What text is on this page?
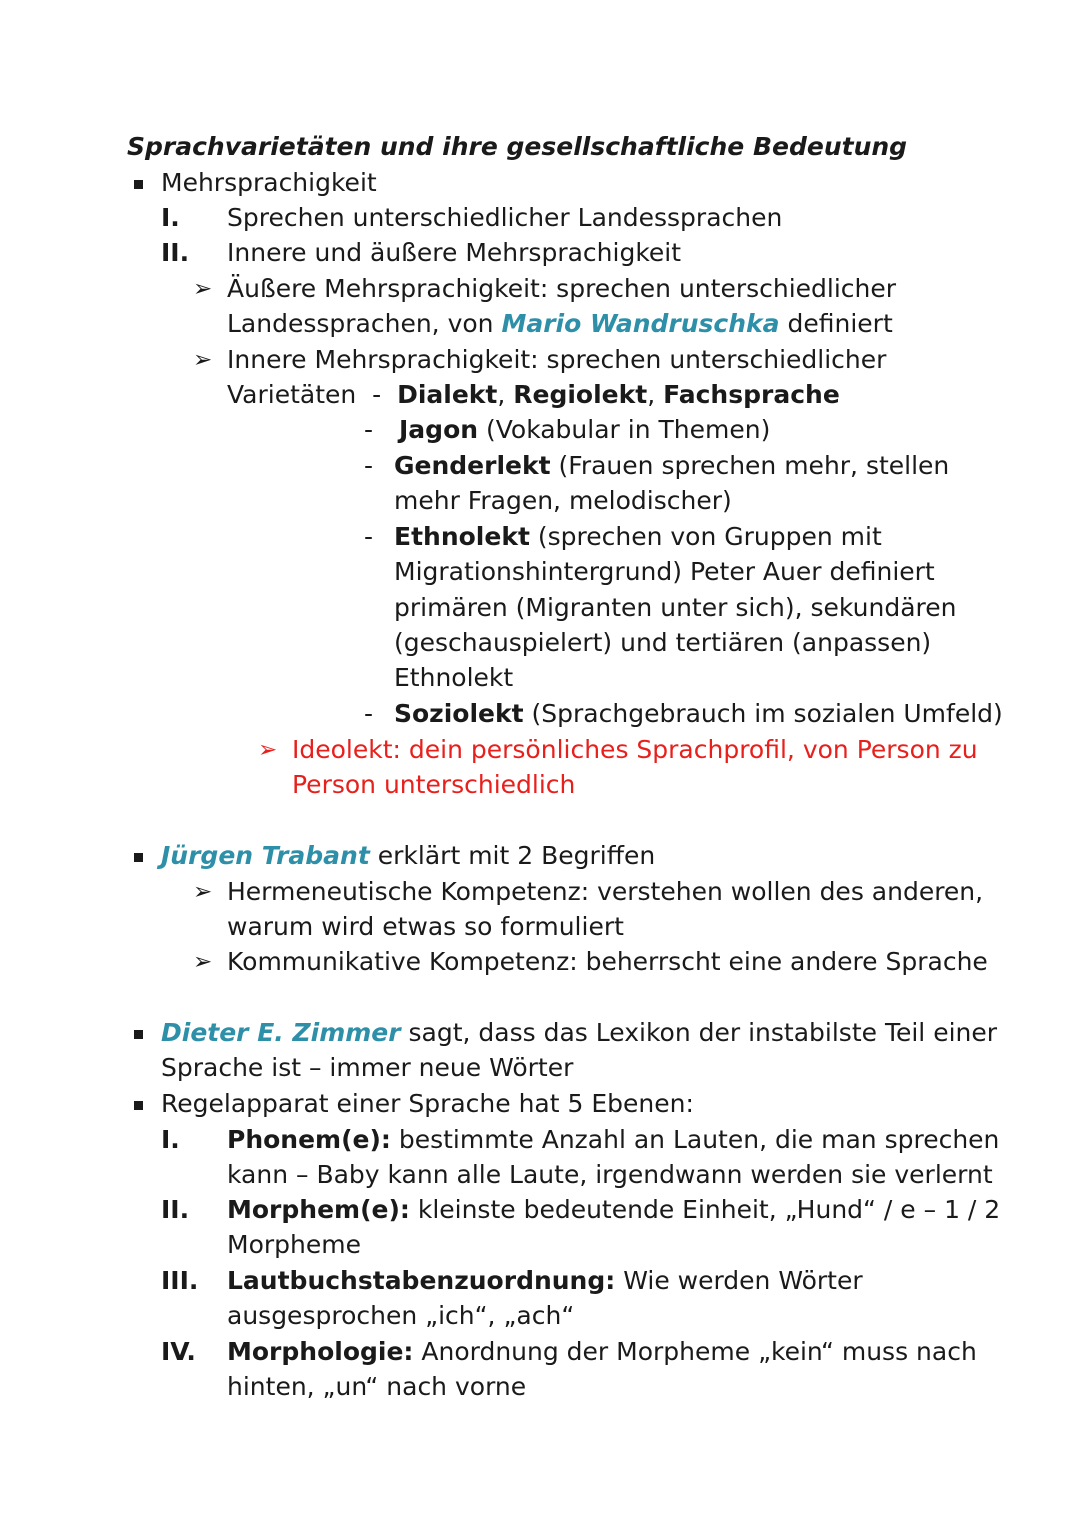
Sprachvarietäten und ihre gesellschaftliche Bedeutung
Mehrsprachigkeit
I. Sprechen unterschiedlicher Landessprachen
II. Innere und äußere Mehrsprachigkeit
➢ Äußere Mehrsprachigkeit: sprechen unterschiedlicher
Landessprachen, von Mario Wandruschka definiert
➢ Innere Mehrsprachigkeit: sprechen unterschiedlicher
Varietäten  -  Dialekt, Regiolekt, Fachsprache
- Jagon (Vokabular in Themen)
- Genderlekt (Frauen sprechen mehr, stellen
mehr Fragen, melodischer)
- Ethnolekt (sprechen von Gruppen mit
Migrationshintergrund) Peter Auer definiert
primären (Migranten unter sich), sekundären
(geschauspielert) und tertiären (anpassen)
Ethnolekt
- Soziolekt (Sprachgebrauch im sozialen Umfeld)
➢ Ideolekt: dein persönliches Sprachprofil, von Person zu
Person unterschiedlich
Jürgen Trabant erklärt mit 2 Begriffen
➢ Hermeneutische Kompetenz: verstehen wollen des anderen,
warum wird etwas so formuliert
➢ Kommunikative Kompetenz: beherrscht eine andere Sprache
Dieter E. Zimmer sagt, dass das Lexikon der instabilste Teil einer
Sprache ist – immer neue Wörter
Regelapparat einer Sprache hat 5 Ebenen:
I. Phonem(e): bestimmte Anzahl an Lauten, die man sprechen
kann – Baby kann alle Laute, irgendwann werden sie verlernt
II. Morphem(e): kleinste bedeutende Einheit, „Hund“ / e – 1 / 2
Morpheme
III. Lautbuchstabenzuordnung: Wie werden Wörter
ausgesprochen „ich“, „ach“
IV. Morphologie: Anordnung der Morpheme „kein“ muss nach
hinten, „un“ nach vorne
